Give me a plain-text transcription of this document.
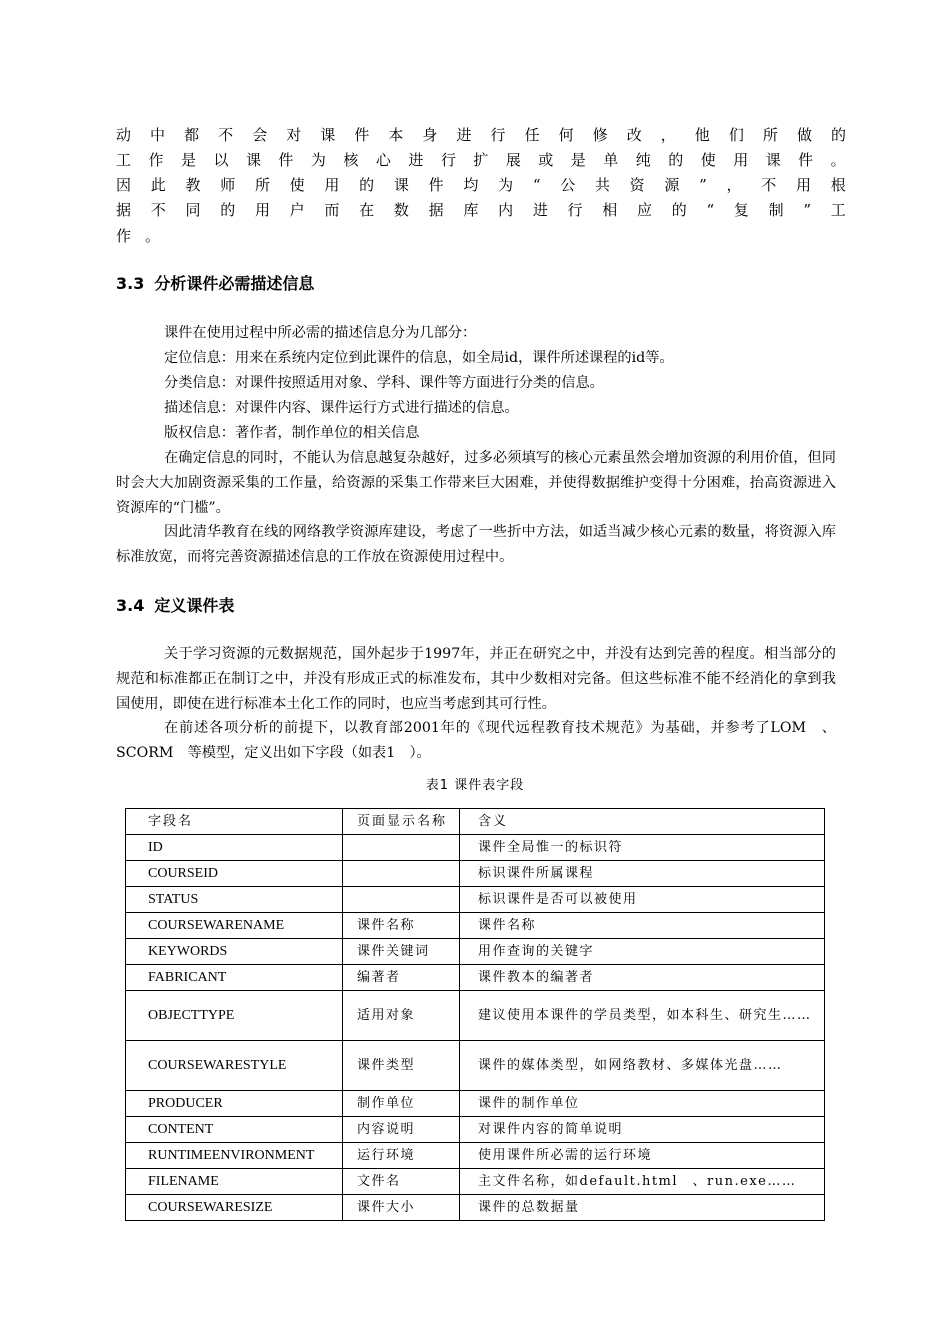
动 中 都 不 会 对 课 件 本 身 进 行 任 何 修 改 ， 他 们 所 做 的
工 作 是 以 课 件 为 核 心 进 行 扩 展 或 是 单 纯 的 使 用 课 件 。
因 此 教 师 所 使 用 的 课 件 均 为 “ 公 共 资 源 ” ， 不 用 根
据 不 同 的 用 户 而 在 数 据 库 内 进 行 相 应 的 “ 复 制 ” 工
作。
3.3 分析课件必需描述信息
课件在使用过程中所必需的描述信息分为几部分：
定位信息：用来在系统内定位到此课件的信息，如全局id，课件所述课程的id等。
分类信息：对课件按照适用对象、学科、课件等方面进行分类的信息。
描述信息：对课件内容、课件运行方式进行描述的信息。
版权信息：著作者，制作单位的相关信息
在确定信息的同时，不能认为信息越复杂越好，过多必须填写的核心元素虽然会增加资源的利用价值，但同时会大大加剧资源采集的工作量，给资源的采集工作带来巨大困难，并使得数据维护变得十分困难，抬高资源进入资源库的“门槛”。
因此清华教育在线的网络教学资源库建设，考虑了一些折中方法，如适当减少核心元素的数量，将资源入库标准放宽，而将完善资源描述信息的工作放在资源使用过程中。
3.4 定义课件表
关于学习资源的元数据规范，国外起步于1997年，并正在研究之中，并没有达到完善的程度。相当部分的规范和标准都正在制订之中，并没有形成正式的标准发布，其中少数相对完备。但这些标准不能不经消化的拿到我国使用，即使在进行标准本土化工作的同时，也应当考虑到其可行性。
在前述各项分析的前提下，以教育部2001年的《现代远程教育技术规范》为基础，并参考了LOM　、SCORM　等模型，定义出如下字段（如表1　）。
表1 课件表字段
字段名	页面显示名称	含义
ID		课件全局惟一的标识符
COURSEID		标识课件所属课程
STATUS		标识课件是否可以被使用
COURSEWARENAME	课件名称	课件名称
KEYWORDS	课件关键词	用作查询的关键字
FABRICANT	编著者	课件教本的编著者
OBJECTTYPE	适用对象	建议使用本课件的学员类型，如本科生、研究生……
COURSEWARESTYLE	课件类型	课件的媒体类型，如网络教材、多媒体光盘……
PRODUCER	制作单位	课件的制作单位
CONTENT	内容说明	对课件内容的简单说明
RUNTIMEENVIRONMENT	运行环境	使用课件所必需的运行环境
FILENAME	文件名	主文件名称，如default.html　、run.exe……
COURSEWARESIZE	课件大小	课件的总数据量
